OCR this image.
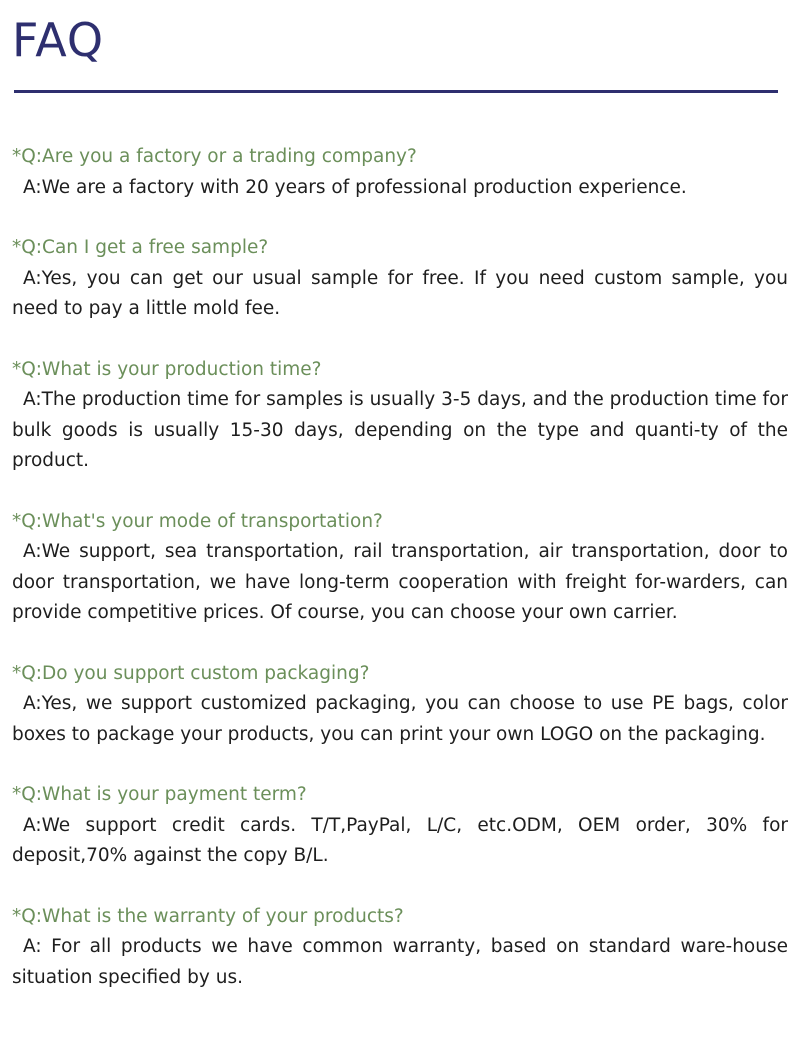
FAQ

*Q:Are you a factory or a trading company?

A:We are a factory with 20 years of professional production experience.

*Q:Can I get a free sample?

A:Yes, you can get our usual sample for free. If you need custom sample, you need to pay a little mold fee.

*Q:What is your production time?

A:The production time for samples is usually 3-5 days, and the production time for bulk goods is usually 15-30 days, depending on the type and quanti-ty of the product.

*Q:What's your mode of transportation?

A:We support, sea transportation, rail transportation, air transportation, door to door transportation, we have long-term cooperation with freight for-warders, can provide competitive prices. Of course, you can choose your own carrier.

*Q:Do you support custom packaging?

A:Yes, we support customized packaging, you can choose to use PE bags, color boxes to package your products, you can print your own LOGO on the packaging.

*Q:What is your payment term?

A:We support credit cards. T/T,PayPal, L/C, etc.ODM, OEM order, 30% for deposit,70% against the copy B/L.

*Q:What is the warranty of your products?

A: For all products we have common warranty, based on standard ware-house situation specified by us.
